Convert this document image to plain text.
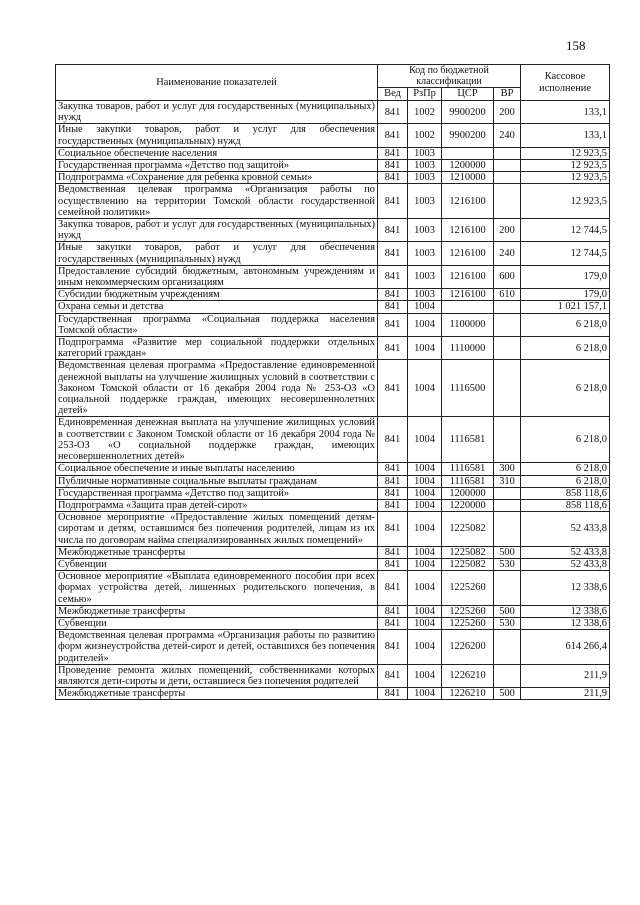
158
Наименование показателей	Код по бюджетной классификации				Кассовое исполнение
	Вед	РзПр	ЦСР	ВР	
Закупка товаров, работ и услуг для государственных (муниципальных) нужд	841	1002	9900200	200	133,1
Иные закупки товаров, работ и услуг для обеспечения государственных (муниципальных) нужд	841	1002	9900200	240	133,1
Социальное обеспечение населения	841	1003			12 923,5
Государственная программа «Детство под защитой»	841	1003	1200000		12 923,5
Подпрограмма «Сохранение для ребенка кровной семьи»	841	1003	1210000		12 923,5
Ведомственная целевая программа «Организация работы по осуществлению на территории Томской области государственной семейной политики»	841	1003	1216100		12 923,5
Закупка товаров, работ и услуг для государственных (муниципальных) нужд	841	1003	1216100	200	12 744,5
Иные закупки товаров, работ и услуг для обеспечения государственных (муниципальных) нужд	841	1003	1216100	240	12 744,5
Предоставление субсидий бюджетным, автономным учреждениям и иным некоммерческим организациям	841	1003	1216100	600	179,0
Субсидии бюджетным учреждениям	841	1003	1216100	610	179,0
Охрана семьи и детства	841	1004			1 021 157,1
Государственная программа «Социальная поддержка населения Томской области»	841	1004	1100000		6 218,0
Подпрограмма «Развитие мер социальной поддержки отдельных категорий граждан»	841	1004	1110000		6 218,0
Ведомственная целевая программа «Предоставление единовременной денежной выплаты на улучшение жилищных условий в соответствии с Законом Томской области от 16 декабря 2004 года № 253-ОЗ «О социальной поддержке граждан, имеющих несовершеннолетних детей»	841	1004	1116500		6 218,0
Единовременная денежная выплата на улучшение жилищных условий в соответствии с Законом Томской области от 16 декабря 2004 года № 253-ОЗ «О социальной поддержке граждан, имеющих несовершеннолетних детей»	841	1004	1116581		6 218,0
Социальное обеспечение и иные выплаты населению	841	1004	1116581	300	6 218,0
Публичные нормативные социальные выплаты гражданам	841	1004	1116581	310	6 218,0
Государственная программа «Детство под защитой»	841	1004	1200000		858 118,6
Подпрограмма «Защита прав детей-сирот»	841	1004	1220000		858 118,6
Основное мероприятие «Предоставление жилых помещений детям-сиротам и детям, оставшимся без попечения родителей, лицам из их числа по договорам найма специализированных жилых помещений»	841	1004	1225082		52 433,8
Межбюджетные трансферты	841	1004	1225082	500	52 433,8
Субвенции	841	1004	1225082	530	52 433,8
Основное мероприятие «Выплата единовременного пособия при всех формах устройства детей, лишенных родительского попечения, в семью»	841	1004	1225260		12 338,6
Межбюджетные трансферты	841	1004	1225260	500	12 338,6
Субвенции	841	1004	1225260	530	12 338,6
Ведомственная целевая программа «Организация работы по развитию форм жизнеустройства детей-сирот и детей, оставшихся без попечения родителей»	841	1004	1226200		614 266,4
Проведение ремонта жилых помещений, собственниками которых являются дети-сироты и дети, оставшиеся без попечения родителей	841	1004	1226210		211,9
Межбюджетные трансферты	841	1004	1226210	500	211,9
